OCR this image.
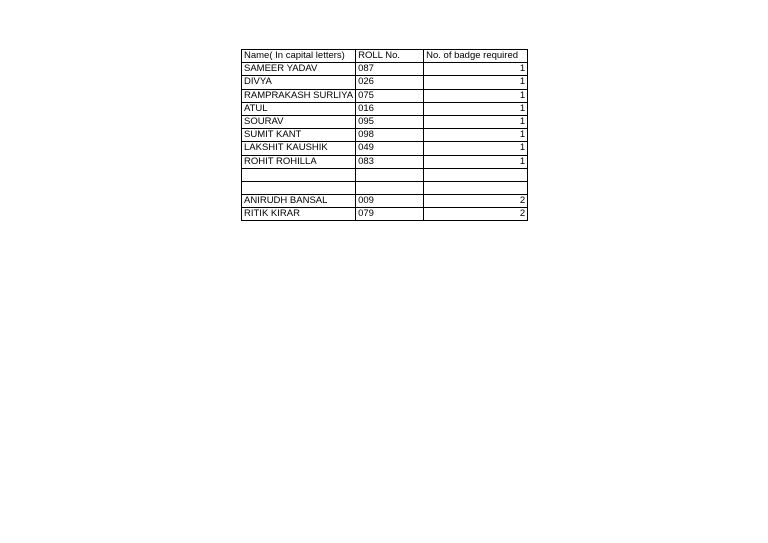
Name( In capital letters)	ROLL No.	No. of badge required
SAMEER YADAV	087	1
DIVYA	026	1
RAMPRAKASH SURLIYA	075	1
ATUL	016	1
SOURAV	095	1
SUMIT KANT	098	1
LAKSHIT KAUSHIK	049	1
ROHIT ROHILLA	083	1

ANIRUDH BANSAL	009	2
RITIK KIRAR	079	2
